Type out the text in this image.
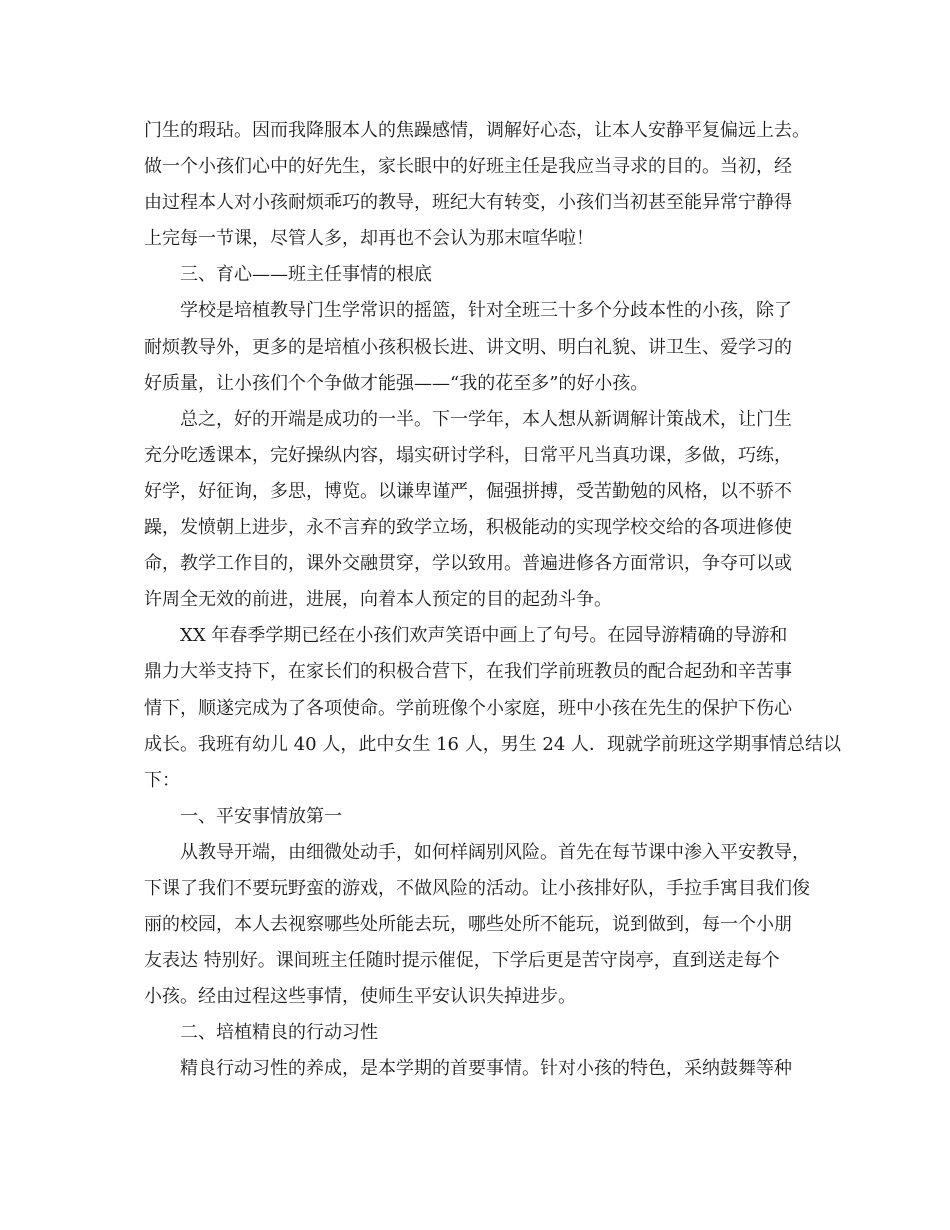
门生的瑕玷。因而我降服本人的焦躁感情，调解好心态，让本人安静平复偏远上去。
做一个小孩们心中的好先生，家长眼中的好班主任是我应当寻求的目的。当初，经
由过程本人对小孩耐烦乖巧的教导，班纪大有转变，小孩们当初甚至能异常宁静得
上完每一节课，尽管人多，却再也不会认为那末喧华啦！
三、育心——班主任事情的根底
学校是培植教导门生学常识的摇篮，针对全班三十多个分歧本性的小孩，除了
耐烦教导外，更多的是培植小孩积极长进、讲文明、明白礼貌、讲卫生、爱学习的
好质量，让小孩们个个争做才能强——“我的花至多”的好小孩。
总之，好的开端是成功的一半。下一学年，本人想从新调解计策战术，让门生
充分吃透课本，完好操纵内容，塌实研讨学科，日常平凡当真功课，多做，巧练，
好学，好征询，多思，博览。以谦卑谨严，倔强拼搏，受苦勤勉的风格，以不骄不
躁，发愤朝上进步，永不言弃的致学立场，积极能动的实现学校交给的各项进修使
命，教学工作目的，课外交融贯穿，学以致用。普遍进修各方面常识，争夺可以或
许周全无效的前进，进展，向着本人预定的目的起劲斗争。
XX 年春季学期已经在小孩们欢声笑语中画上了句号。在园导游精确的导游和
鼎力大举支持下，在家长们的积极合营下，在我们学前班教员的配合起劲和辛苦事
情下，顺遂完成为了各项使命。学前班像个小家庭，班中小孩在先生的保护下伤心
成长。我班有幼儿 40 人，此中女生 16 人，男生 24 人．现就学前班这学期事情总结以
下：
一、平安事情放第一
从教导开端，由细微处动手，如何样阔别风险。首先在每节课中渗入平安教导，
下课了我们不要玩野蛮的游戏，不做风险的活动。让小孩排好队，手拉手寓目我们俊
丽的校园，本人去视察哪些处所能去玩，哪些处所不能玩，说到做到，每一个小朋
友表达 特别好。课间班主任随时提示催促，下学后更是苦守岗亭，直到送走每个
小孩。经由过程这些事情，使师生平安认识失掉进步。
二、培植精良的行动习性
精良行动习性的养成，是本学期的首要事情。针对小孩的特色，采纳鼓舞等种
